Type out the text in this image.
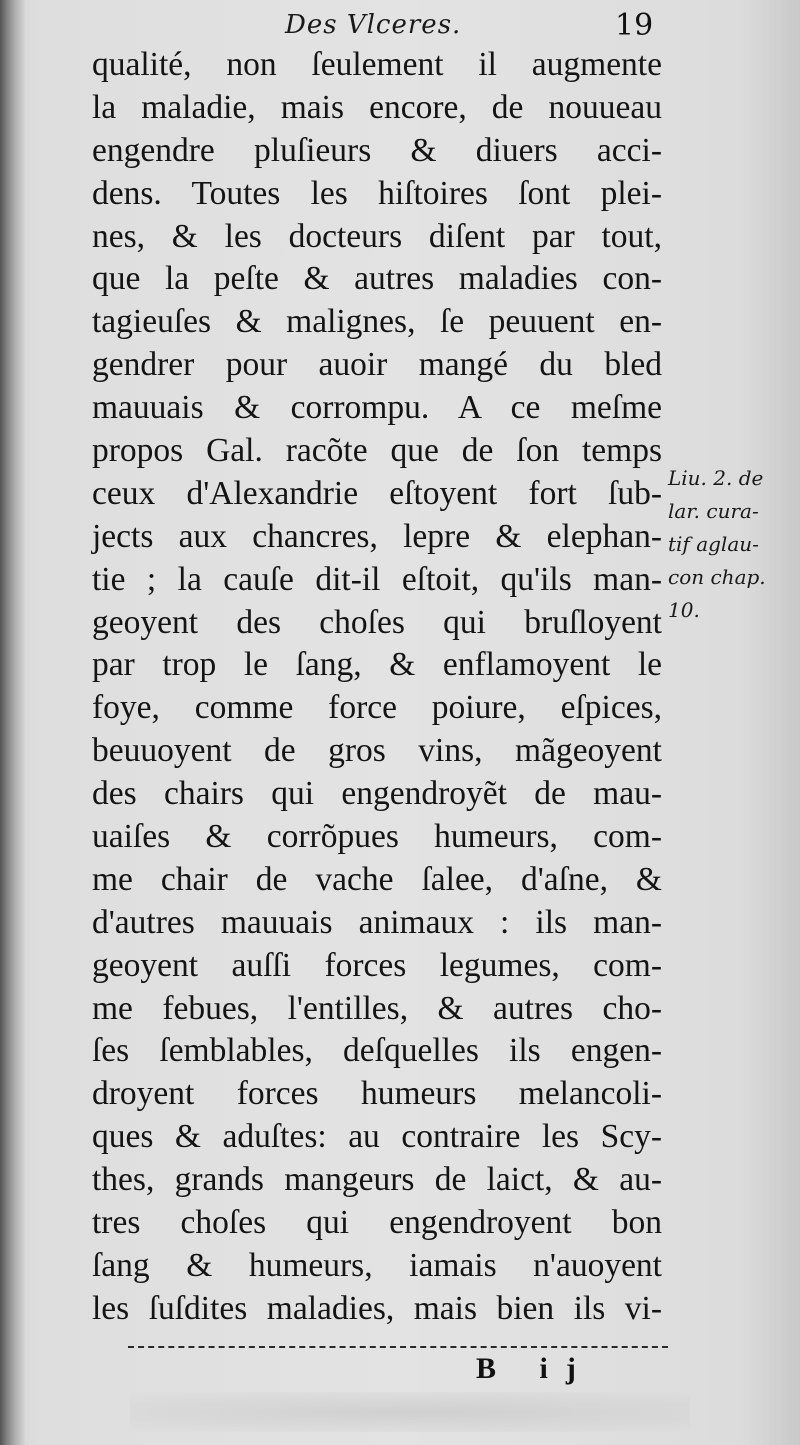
Des Vlceres.	19
qualité, non ſeulement il augmente
la maladie, mais encore, de nouueau
engendre pluſieurs & diuers acci-
dens. Toutes les hiſtoires ſont plei-
nes, & les docteurs diſent par tout,
que la peſte & autres maladies con-
tagieuſes & malignes, ſe peuuent en-
gendrer pour auoir mangé du bled
mauuais & corrompu. A ce meſme
propos Gal. racõte que de ſon temps
ceux d'Alexandrie eſtoyent fort ſub-
jects aux chancres, lepre & elephan-
tie ; la cauſe dit-il eſtoit, qu'ils man-
geoyent des choſes qui bruſloyent
par trop le ſang, & enflamoyent le
foye, comme force poiure, eſpices,
beuuoyent de gros vins, mãgeoyent
des chairs qui engendroyẽt de mau-
uaiſes & corrõpues humeurs, com-
me chair de vache ſalee, d'aſne, &
d'autres mauuais animaux : ils man-
geoyent auſſi forces legumes, com-
me febues, l'entilles, & autres cho-
ſes ſemblables, deſquelles ils engen-
droyent forces humeurs melancoli-
ques & aduſtes: au contraire les Scy-
thes, grands mangeurs de laict, & au-
tres choſes qui engendroyent bon
ſang & humeurs, iamais n'auoyent
les ſuſdites maladies, mais bien ils vi-
Liu. 2. de
lar. cura-
tif aglau-
con chap.
10.
B ij
